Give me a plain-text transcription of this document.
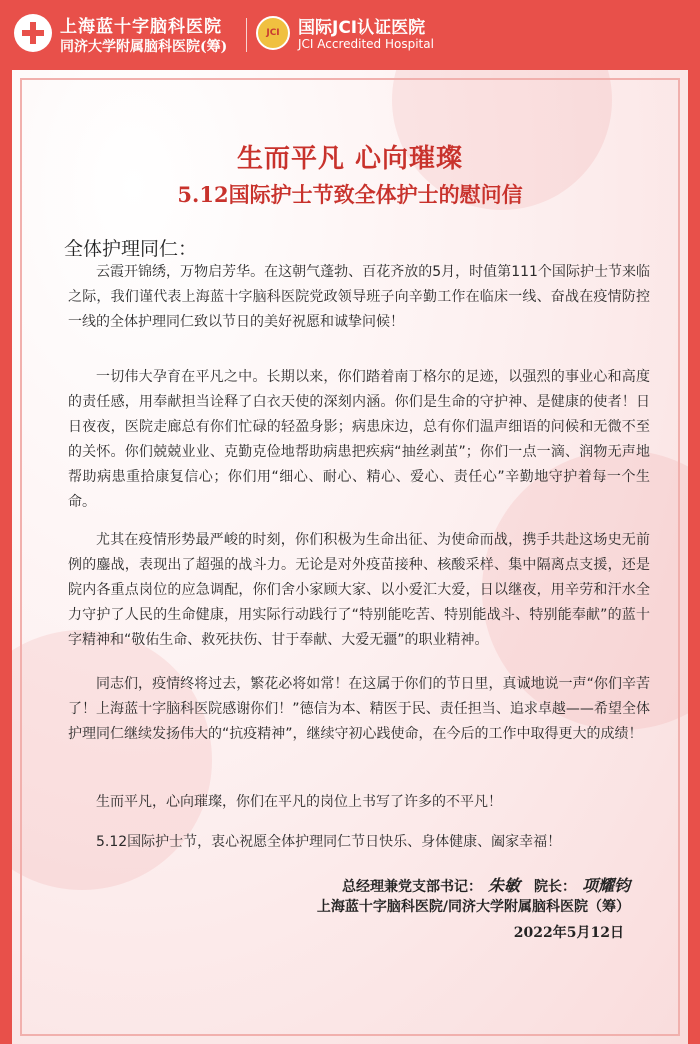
上海蓝十字脑科医院
同济大学附属脑科医院(筹)
JCI	国际JCI认证医院
JCI Accredited Hospital
生而平凡 心向璀璨
5.12国际护士节致全体护士的慰问信
全体护理同仁：

云霞开锦绣，万物启芳华。在这朝气蓬勃、百花齐放的5月，时值第111个国际护士节来临之际，我们谨代表上海蓝十字脑科医院党政领导班子向辛勤工作在临床一线、奋战在疫情防控一线的全体护理同仁致以节日的美好祝愿和诚挚问候！

一切伟大孕育在平凡之中。长期以来，你们踏着南丁格尔的足迹，以强烈的事业心和高度的责任感，用奉献担当诠释了白衣天使的深刻内涵。你们是生命的守护神、是健康的使者！日日夜夜，医院走廊总有你们忙碌的轻盈身影；病患床边，总有你们温声细语的问候和无微不至的关怀。你们兢兢业业、克勤克俭地帮助病患把疾病“抽丝剥茧”；你们一点一滴、润物无声地帮助病患重拾康复信心；你们用“细心、耐心、精心、爱心、责任心”辛勤地守护着每一个生命。

尤其在疫情形势最严峻的时刻，你们积极为生命出征、为使命而战，携手共赴这场史无前例的鏖战，表现出了超强的战斗力。无论是对外疫苗接种、核酸采样、集中隔离点支援，还是院内各重点岗位的应急调配，你们舍小家顾大家、以小爱汇大爱，日以继夜，用辛劳和汗水全力守护了人民的生命健康，用实际行动践行了“特别能吃苦、特别能战斗、特别能奉献”的蓝十字精神和“敬佑生命、救死扶伤、甘于奉献、大爱无疆”的职业精神。

同志们，疫情终将过去，繁花必将如常！在这属于你们的节日里，真诚地说一声“你们辛苦了！上海蓝十字脑科医院感谢你们！”德信为本、精医于民、责任担当、追求卓越——希望全体护理同仁继续发扬伟大的“抗疫精神”，继续守初心践使命，在今后的工作中取得更大的成绩！

生而平凡，心向璀璨，你们在平凡的岗位上书写了许多的不平凡！

5.12国际护士节，衷心祝愿全体护理同仁节日快乐、身体健康、阖家幸福！

总经理兼党支部书记： 朱敏 院长： 项耀钧
上海蓝十字脑科医院/同济大学附属脑科医院（筹）
2022年5月12日
